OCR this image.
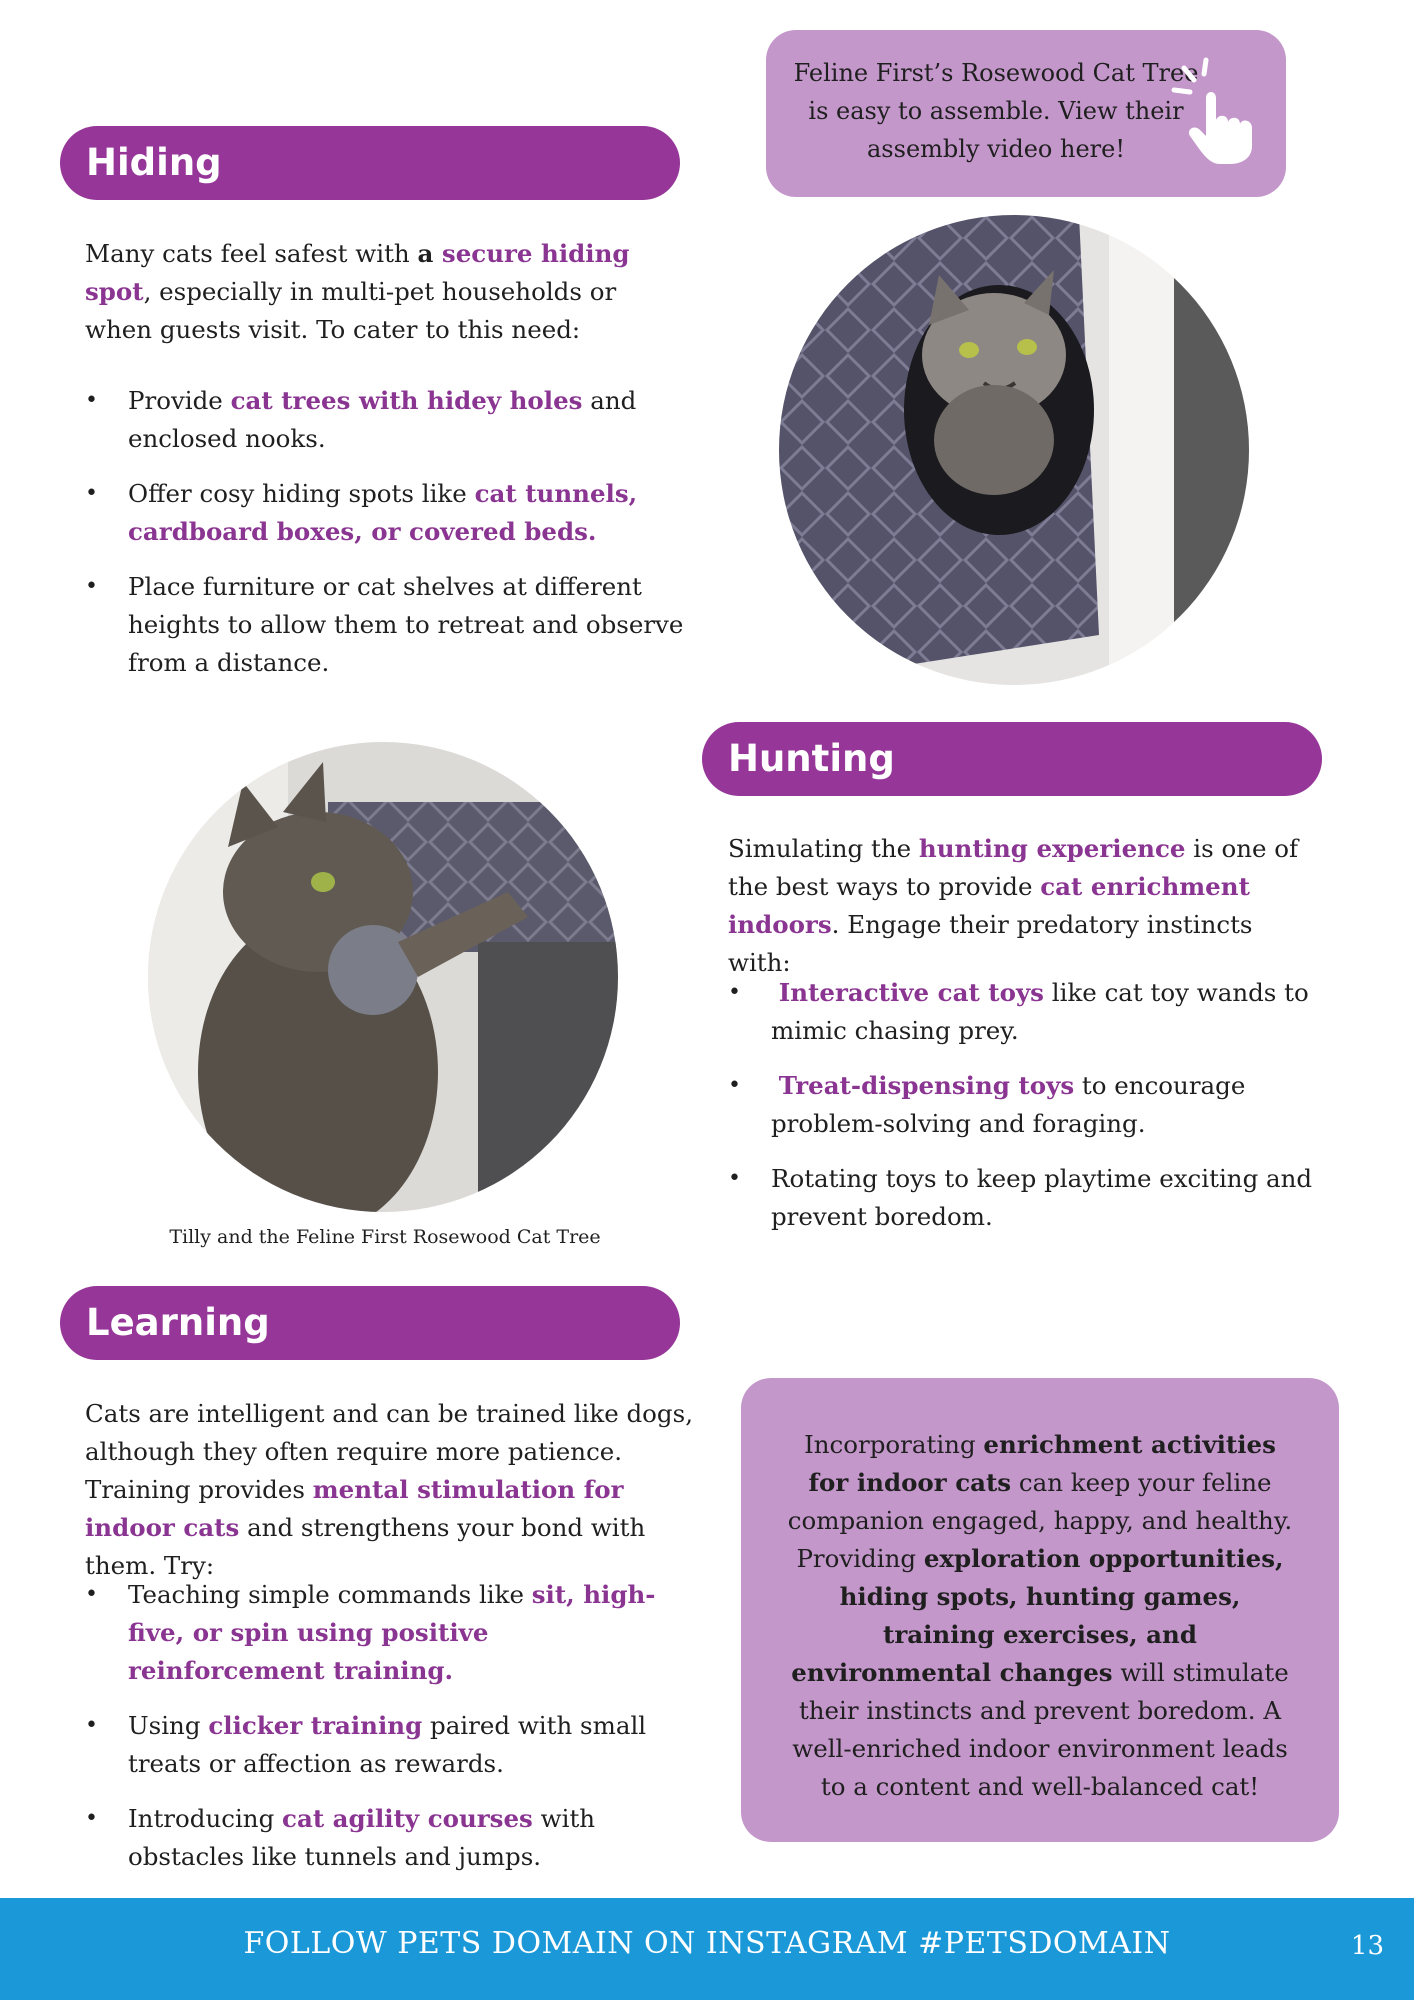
Feline First’s Rosewood Cat Tree is easy to assemble. View their assembly video here!

Hiding

Many cats feel safest with a secure hiding spot, especially in multi-pet households or when guests visit. To cater to this need:

• Provide cat trees with hidey holes and enclosed nooks.
• Offer cosy hiding spots like cat tunnels, cardboard boxes, or covered beds.
• Place furniture or cat shelves at different heights to allow them to retreat and observe from a distance.
Hunting

Simulating the hunting experience is one of the best ways to provide cat enrichment indoors. Engage their predatory instincts with:

• Interactive cat toys like cat toy wands to mimic chasing prey.
• Treat-dispensing toys to encourage problem-solving and foraging.
• Rotating toys to keep playtime exciting and prevent boredom.

Tilly and the Feline First Rosewood Cat Tree

Learning

Cats are intelligent and can be trained like dogs, although they often require more patience. Training provides mental stimulation for indoor cats and strengthens your bond with them. Try:

• Teaching simple commands like sit, high-five, or spin using positive reinforcement training.
• Using clicker training paired with small treats or affection as rewards.
• Introducing cat agility courses with obstacles like tunnels and jumps.

Incorporating enrichment activities for indoor cats can keep your feline companion engaged, happy, and healthy. Providing exploration opportunities, hiding spots, hunting games, training exercises, and environmental changes will stimulate their instincts and prevent boredom. A well-enriched indoor environment leads to a content and well-balanced cat!

FOLLOW PETS DOMAIN ON INSTAGRAM #PETSDOMAIN	13
